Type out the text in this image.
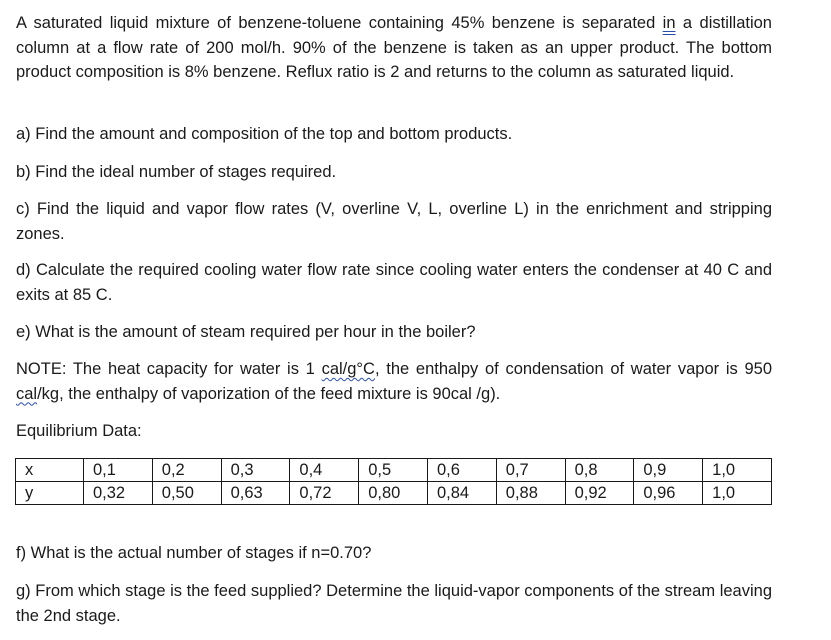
A saturated liquid mixture of benzene-toluene containing 45% benzene is separated in a distillation column at a flow rate of 200 mol/h. 90% of the benzene is taken as an upper product. The bottom product composition is 8% benzene. Reflux ratio is 2 and returns to the column as saturated liquid.

a) Find the amount and composition of the top and bottom products.

b) Find the ideal number of stages required.

c) Find the liquid and vapor flow rates (V, overline V, L, overline L) in the enrichment and stripping zones.

d) Calculate the required cooling water flow rate since cooling water enters the condenser at 40 C and exits at 85 C.

e) What is the amount of steam required per hour in the boiler?

NOTE: The heat capacity for water is 1 cal/g°C, the enthalpy of condensation of water vapor is 950 cal/kg, the enthalpy of vaporization of the feed mixture is 90cal /g).

Equilibrium Data:

x	0,1	0,2	0,3	0,4	0,5	0,6	0,7	0,8	0,9	1,0
y	0,32	0,50	0,63	0,72	0,80	0,84	0,88	0,92	0,96	1,0

f) What is the actual number of stages if n=0.70?

g) From which stage is the feed supplied? Determine the liquid-vapor components of the stream leaving the 2nd stage.
